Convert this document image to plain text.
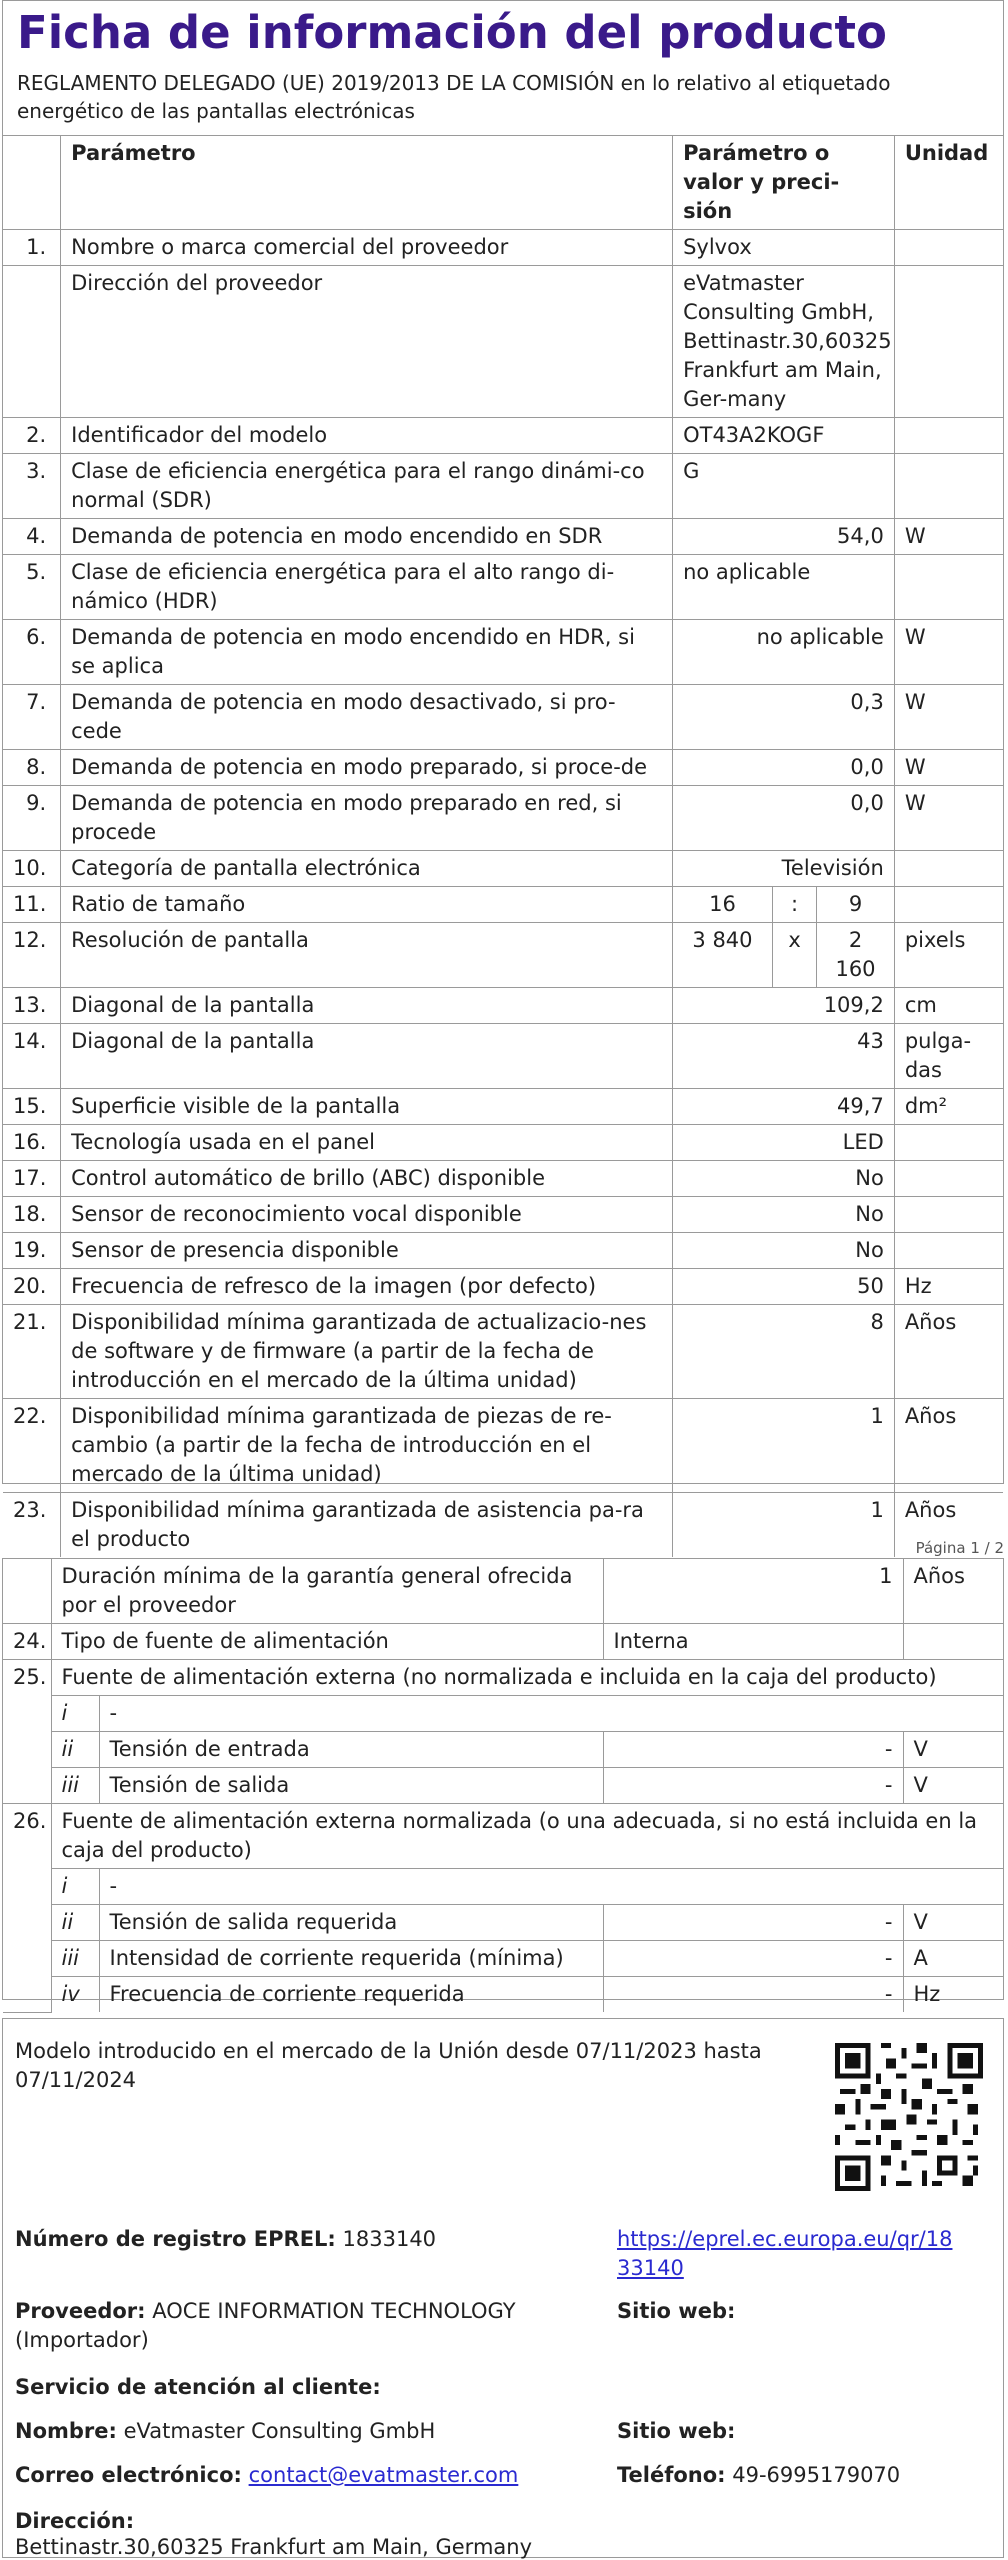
Ficha de información del producto
REGLAMENTO DELEGADO (UE) 2019/2013 DE LA COMISIÓN en lo relativo al etiquetado energético de las pantallas electrónicas
	Parámetro	Parámetro o valor y preci-sión			Unidad
1.	Nombre o marca comercial del proveedor	Sylvox			
	Dirección del proveedor	eVatmaster Consulting GmbH, Bettinastr.30,60325 Frankfurt am Main, Ger-many			
2.	Identificador del modelo	OT43A2KOGF			
3.	Clase de eficiencia energética para el rango dinámi-co normal (SDR)	G			
4.	Demanda de potencia en modo encendido en SDR	54,0			W
5.	Clase de eficiencia energética para el alto rango di-námico (HDR)	no aplicable			
6.	Demanda de potencia en modo encendido en HDR, si se aplica	no aplicable			W
7.	Demanda de potencia en modo desactivado, si pro-cede	0,3			W
8.	Demanda de potencia en modo preparado, si proce-de	0,0			W
9.	Demanda de potencia en modo preparado en red, si procede	0,0			W
10.	Categoría de pantalla electrónica	Televisión			
11.	Ratio de tamaño	16	:	9	
12.	Resolución de pantalla	3 840	x	2 160	pixels
13.	Diagonal de la pantalla	109,2			cm
14.	Diagonal de la pantalla	43			pulga-das
15.	Superficie visible de la pantalla	49,7			dm²
16.	Tecnología usada en el panel	LED			
17.	Control automático de brillo (ABC) disponible	No			
18.	Sensor de reconocimiento vocal disponible	No			
19.	Sensor de presencia disponible	No			
20.	Frecuencia de refresco de la imagen (por defecto)	50			Hz
21.	Disponibilidad mínima garantizada de actualizacio-nes de software y de firmware (a partir de la fecha de introducción en el mercado de la última unidad)	8			Años
22.	Disponibilidad mínima garantizada de piezas de re-cambio (a partir de la fecha de introducción en el mercado de la última unidad)	1			Años
23.	Disponibilidad mínima garantizada de asistencia pa-ra el producto	1			Años
Página 1 / 2
	Duración mínima de la garantía general ofrecida por el proveedor		1	Años
24.	Tipo de fuente de alimentación		Interna	
25.	Fuente de alimentación externa (no normalizada e incluida en la caja del producto)			
	i	-		
	ii	Tensión de entrada	-	V
	iii	Tensión de salida	-	V
26.	Fuente de alimentación externa normalizada (o una adecuada, si no está incluida en la caja del producto)			
	i	-		
	ii	Tensión de salida requerida	-	V
	iii	Intensidad de corriente requerida (mínima)	-	A
	iv	Frecuencia de corriente requerida	-	Hz
Modelo introducido en el mercado de la Unión desde 07/11/2023 hasta 07/11/2024
Número de registro EPREL: 1833140	https://eprel.ec.europa.eu/qr/1833140
Proveedor: AOCE INFORMATION TECHNOLOGY (Importador)
Sitio web:
Servicio de atención al cliente:
Nombre: eVatmaster Consulting GmbH	Sitio web:
Correo electrónico: contact@evatmaster.com	Teléfono: 49-6995179070
Dirección:
Bettinastr.30,60325 Frankfurt am Main, Germany
